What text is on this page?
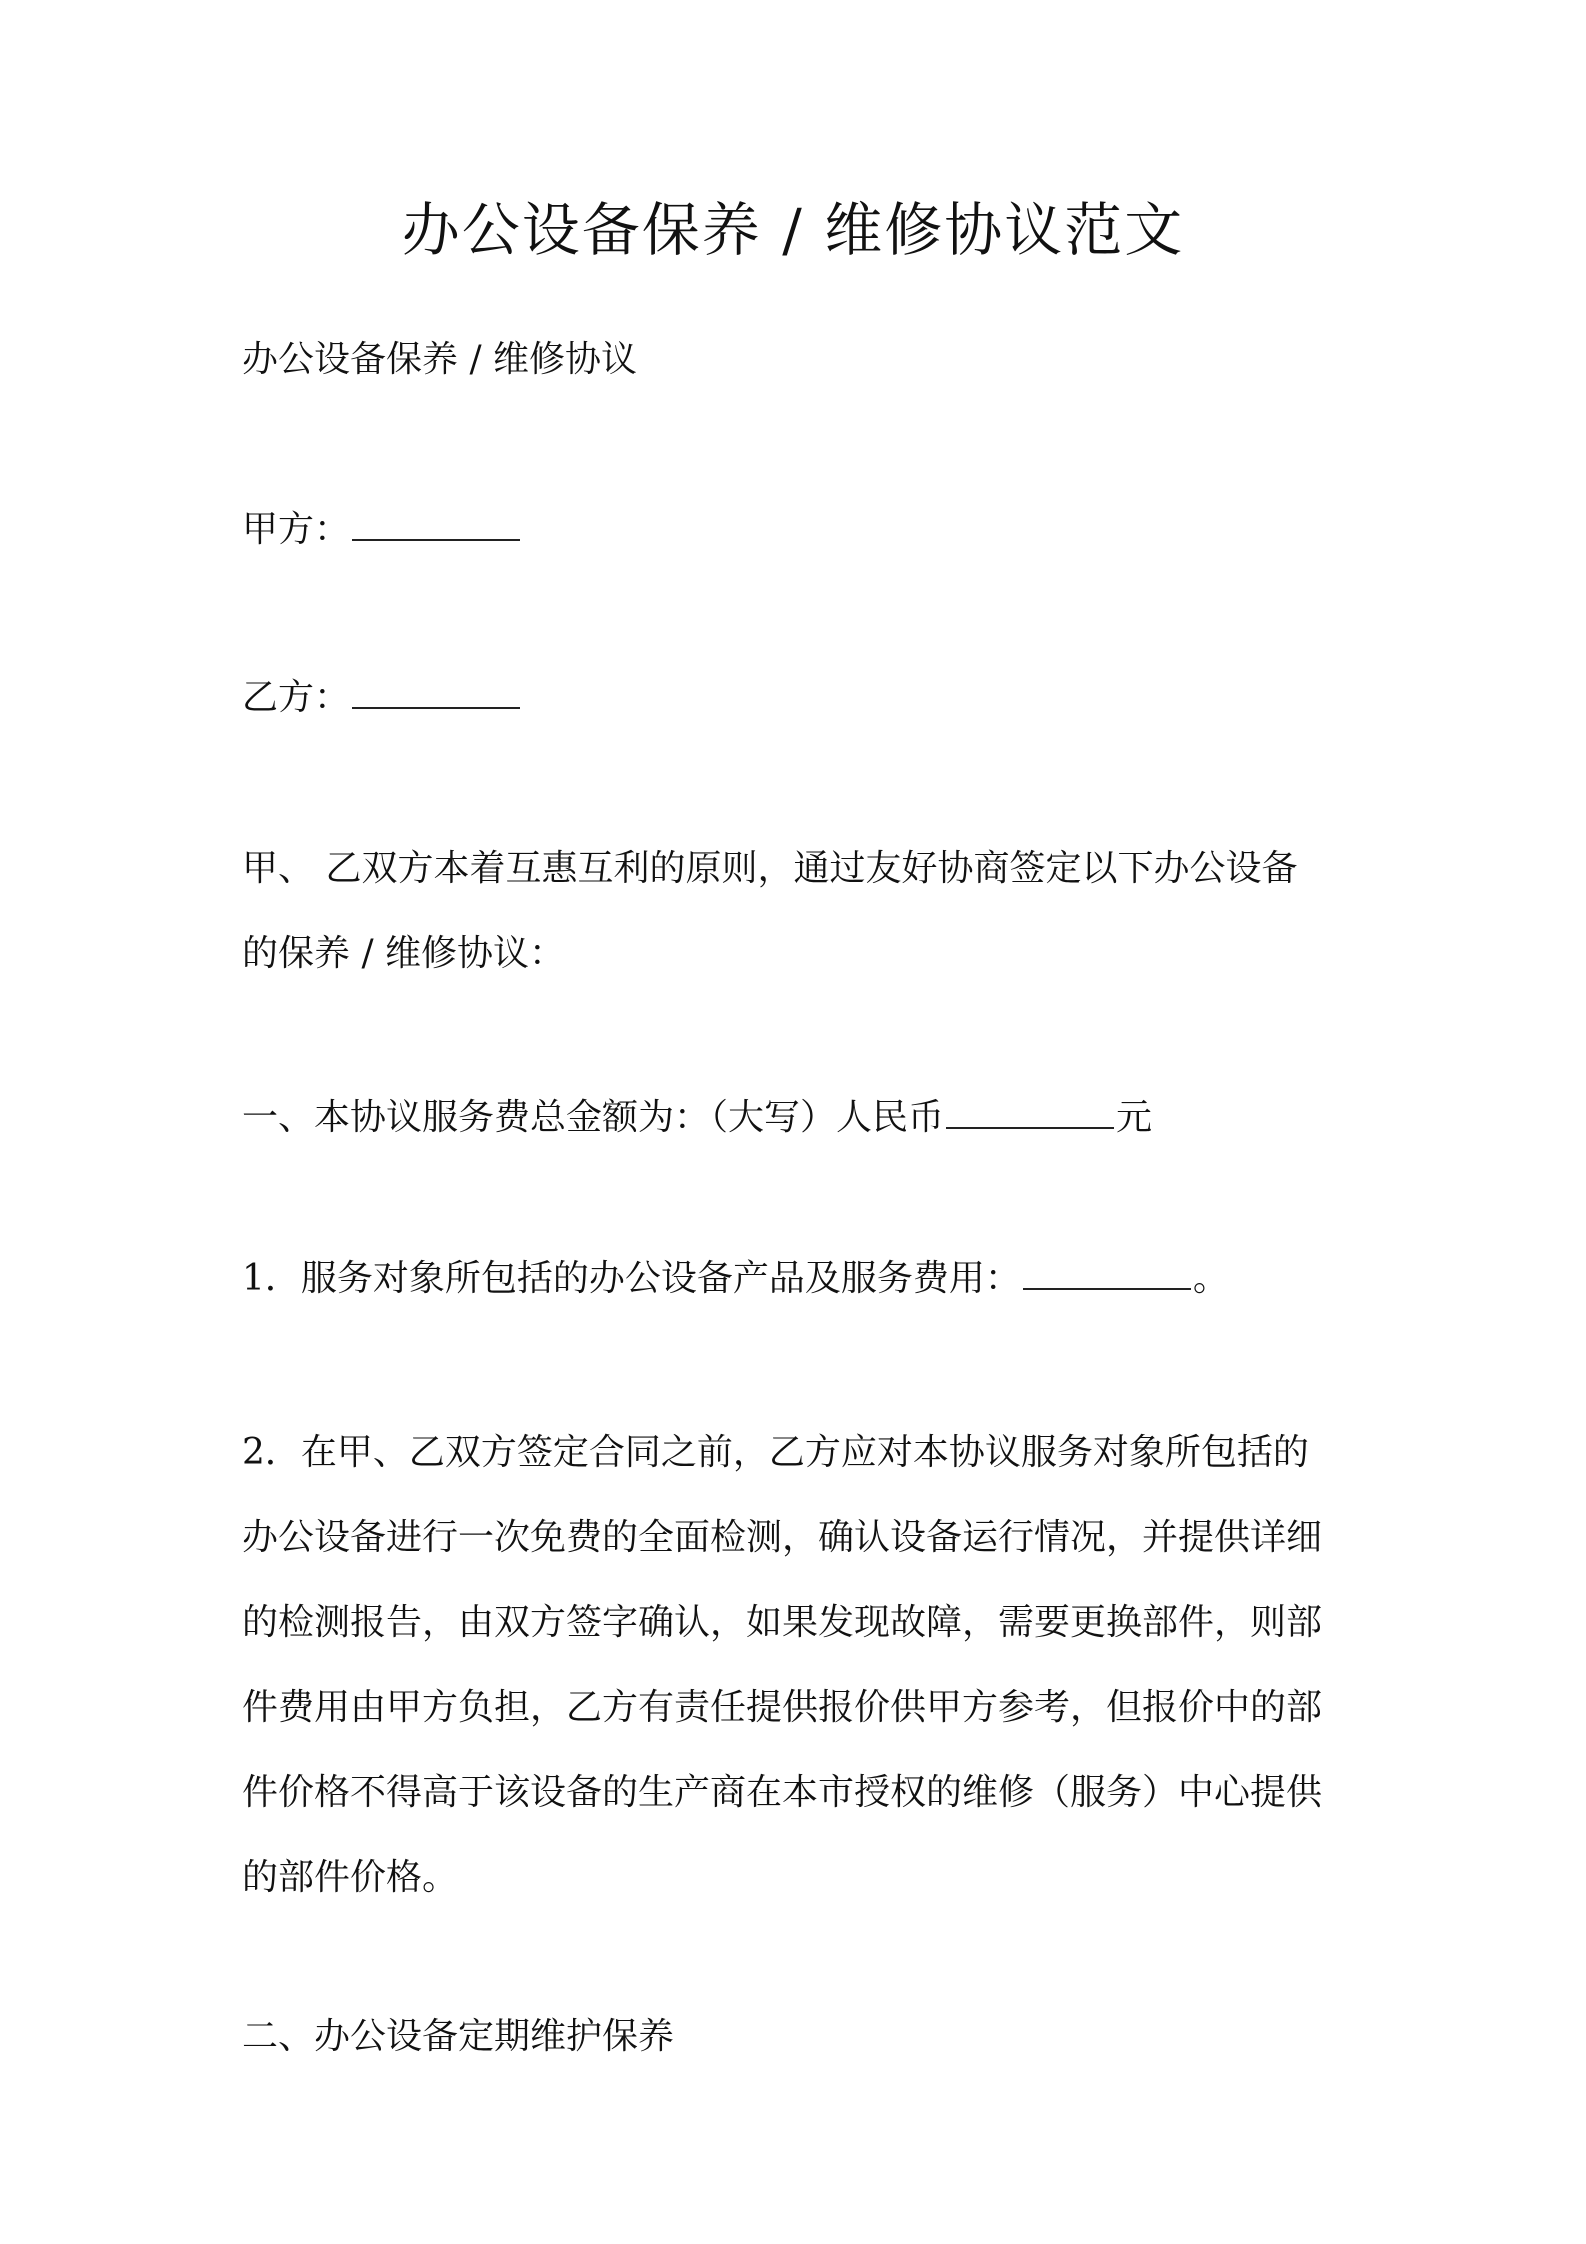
办公设备保养 / 维修协议范文

办公设备保养 / 维修协议

甲方：

乙方：

甲、 乙双方本着互惠互利的原则，通过友好协商签定以下办公设备
的保养 / 维修协议：

一、本协议服务费总金额为：（大写）人民币	元

1．服务对象所包括的办公设备产品及服务费用：	。

2．在甲、乙双方签定合同之前，乙方应对本协议服务对象所包括的
办公设备进行一次免费的全面检测，确认设备运行情况，并提供详细
的检测报告，由双方签字确认，如果发现故障，需要更换部件，则部
件费用由甲方负担，乙方有责任提供报价供甲方参考，但报价中的部
件价格不得高于该设备的生产商在本市授权的维修（服务）中心提供
的部件价格。

二、办公设备定期维护保养
